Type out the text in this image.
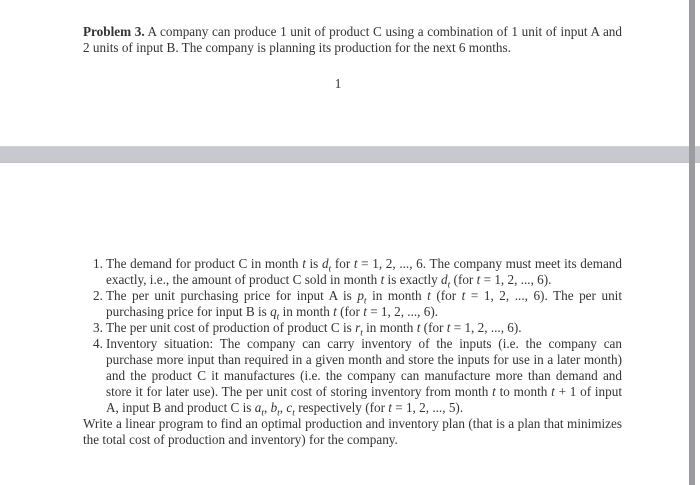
Problem 3. A company can produce 1 unit of product C using a combination of 1 unit of input A and 2 units of input B. The company is planning its production for the next 6 months.

1
1. The demand for product C in month t is $d_t$ for t = 1, 2, ..., 6. The company must meet its demand exactly, i.e., the amount of product C sold in month t is exactly $d_t$ (for t = 1, 2, ..., 6).
2. The per unit purchasing price for input A is $p_t$ in month t (for t = 1, 2, ..., 6). The per unit purchasing price for input B is $q_t$ in month t (for t = 1, 2, ..., 6).
3. The per unit cost of production of product C is $r_t$ in month t (for t = 1, 2, ..., 6).
4. Inventory situation: The company can carry inventory of the inputs (i.e. the company can purchase more input than required in a given month and store the inputs for use in a later month) and the product C it manufactures (i.e. the company can manufacture more than demand and store it for later use). The per unit cost of storing inventory from month t to month t + 1 of input A, input B and product C is $a_t$, $b_t$, $c_t$ respectively (for t = 1, 2, ..., 5).

Write a linear program to find an optimal production and inventory plan (that is a plan that minimizes the total cost of production and inventory) for the company.
